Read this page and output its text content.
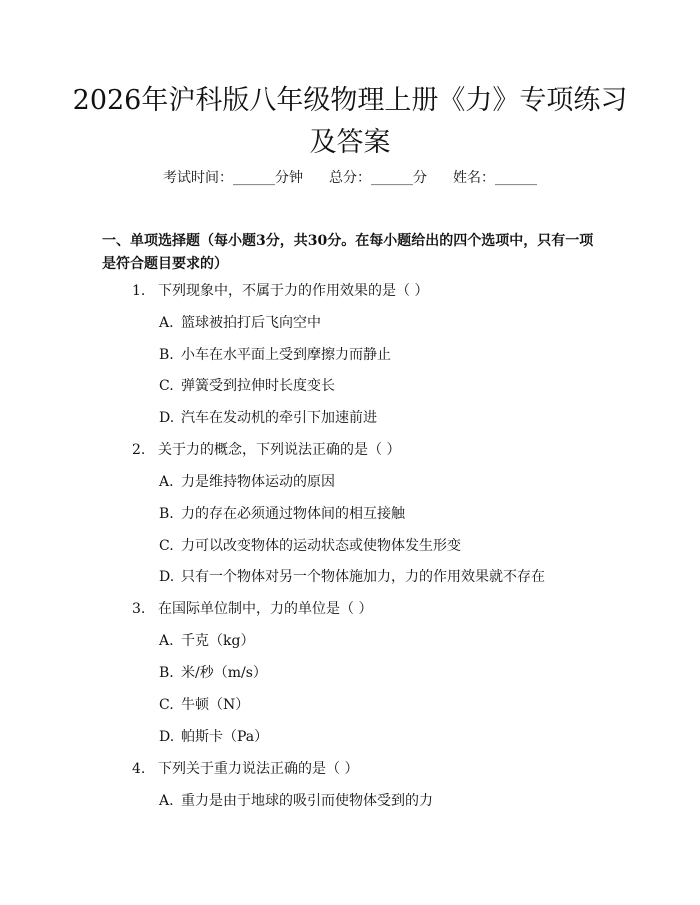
2026年沪科版八年级物理上册《力》专项练习及答案
考试时间：______分钟 总分：______分 姓名：______
一、单项选择题（每小题3分，共30分。在每小题给出的四个选项中，只有一项是符合题目要求的）
1. 下列现象中，不属于力的作用效果的是（ ）
A. 篮球被拍打后飞向空中
B. 小车在水平面上受到摩擦力而静止
C. 弹簧受到拉伸时长度变长
D. 汽车在发动机的牵引下加速前进
2. 关于力的概念，下列说法正确的是（ ）
A. 力是维持物体运动的原因
B. 力的存在必须通过物体间的相互接触
C. 力可以改变物体的运动状态或使物体发生形变
D. 只有一个物体对另一个物体施加力，力的作用效果就不存在
3. 在国际单位制中，力的单位是（ ）
A. 千克（kg）
B. 米/秒（m/s）
C. 牛顿（N）
D. 帕斯卡（Pa）
4. 下列关于重力说法正确的是（ ）
A. 重力是由于地球的吸引而使物体受到的力
